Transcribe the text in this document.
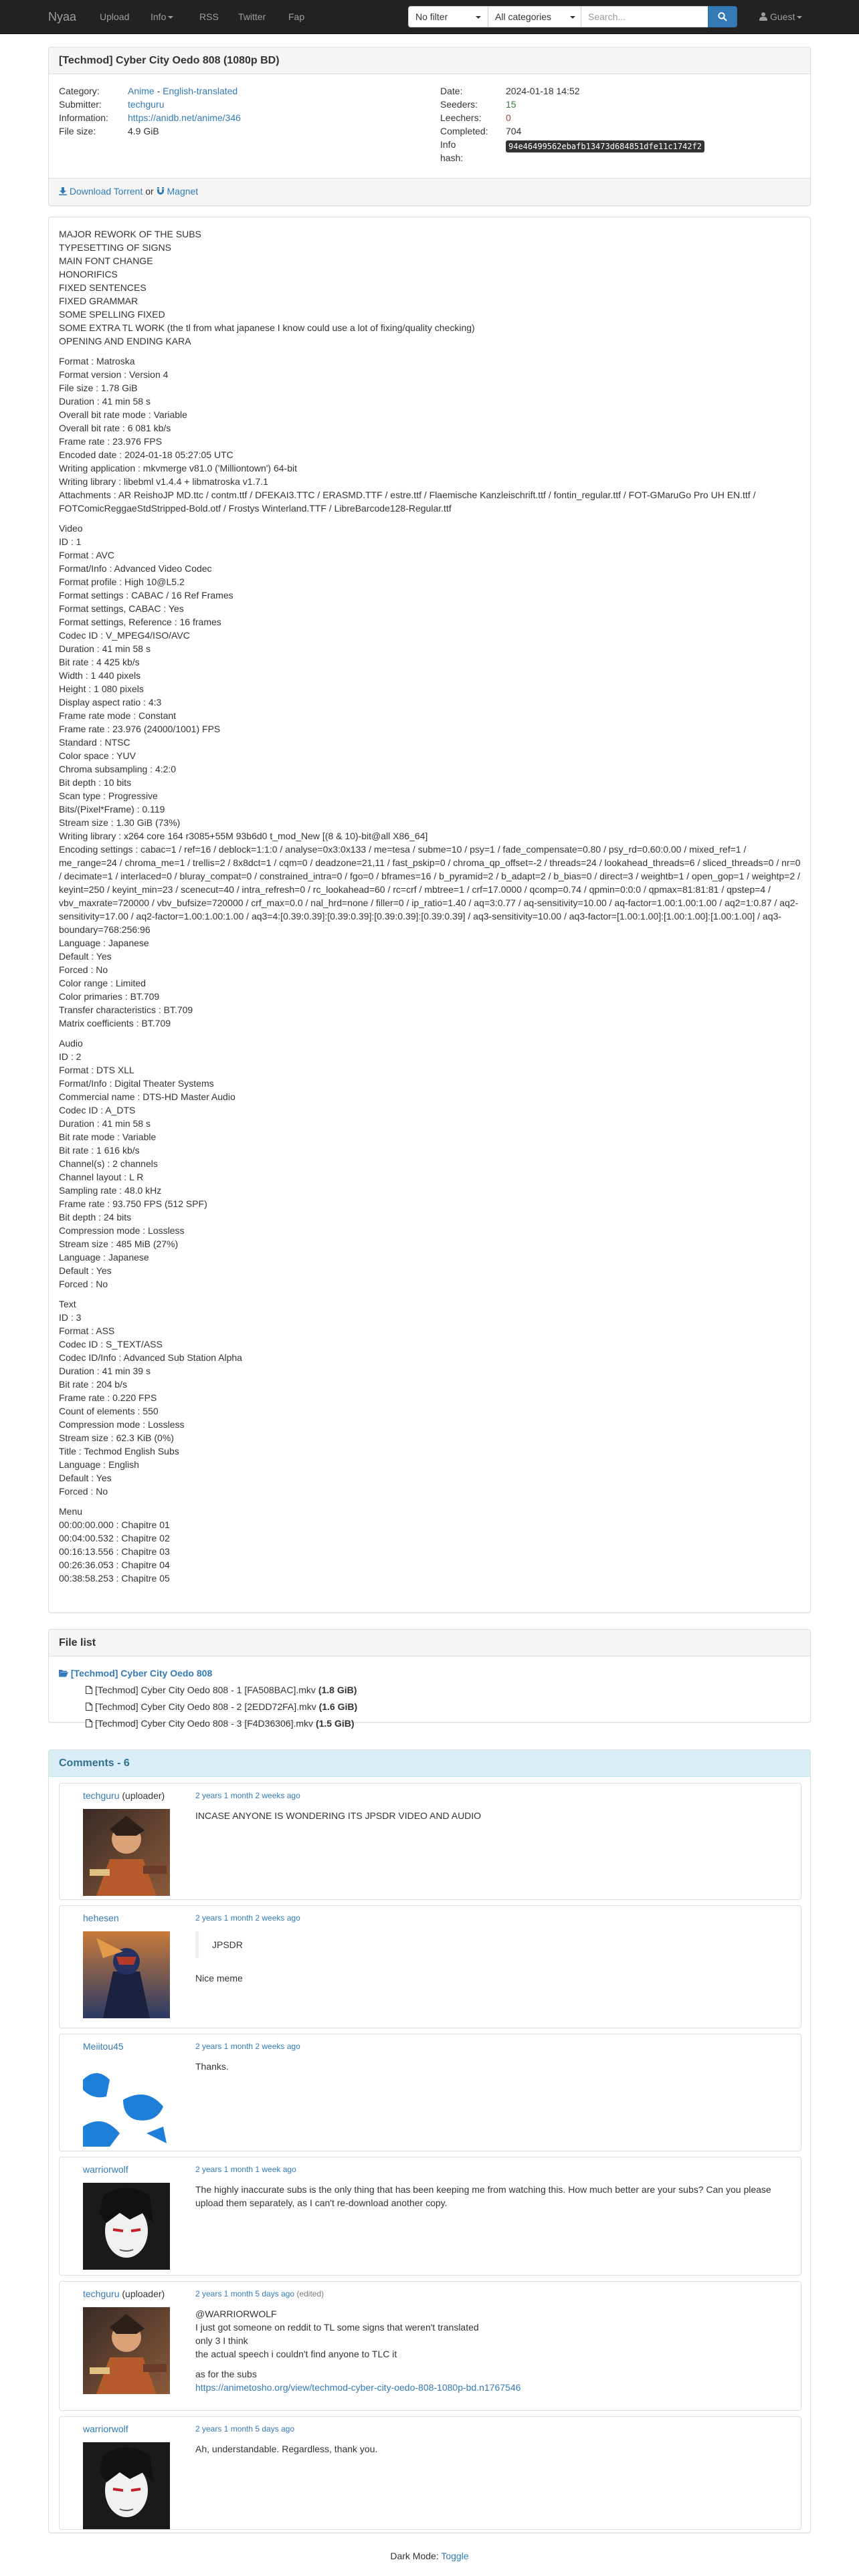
Nyaa Upload Info	RSS Twitter Fap	No filter	All categories	Search...	Guest
[Techmod] Cyber City Oedo 808 (1080p BD)
Category:	Anime - English-translated
Submitter:	techguru
Information: https://anidb.net/anime/346
File size:	4.9 GiB
Date:	2024-01-18 14:52
Seeders:	15
Leechers:	0
Completed: 704
Info
hash:
94e46499562ebafb13473d684851dfe11c1742f2
Download Torrent or  Magnet

MAJOR REWORK OF THE SUBS
TYPESETTING OF SIGNS
MAIN FONT CHANGE
HONORIFICS
FIXED SENTENCES
FIXED GRAMMAR
SOME SPELLING FIXED
SOME EXTRA TL WORK (the tl from what japanese I know could use a lot of fixing/quality checking)
OPENING AND ENDING KARA

Format : Matroska
Format version : Version 4
File size : 1.78 GiB
Duration : 41 min 58 s
Overall bit rate mode : Variable
Overall bit rate : 6 081 kb/s
Frame rate : 23.976 FPS
Encoded date : 2024-01-18 05:27:05 UTC
Writing application : mkvmerge v81.0 ('Milliontown') 64-bit
Writing library : libebml v1.4.4 + libmatroska v1.7.1
Attachments : AR ReishoJP MD.ttc / contm.ttf / DFEKAI3.TTC / ERASMD.TTF / estre.ttf / Flaemische Kanzleischrift.ttf / fontin_regular.ttf / FOT-GMaruGo Pro UH EN.ttf / FOTComicReggaeStdStripped-Bold.otf / Frostys Winterland.TTF / LibreBarcode128-Regular.ttf

Video
ID : 1
Format : AVC
Format/Info : Advanced Video Codec
Format profile : High 10@L5.2
Format settings : CABAC / 16 Ref Frames
Format settings, CABAC : Yes
Format settings, Reference : 16 frames
Codec ID : V_MPEG4/ISO/AVC
Duration : 41 min 58 s
Bit rate : 4 425 kb/s
Width : 1 440 pixels
Height : 1 080 pixels
Display aspect ratio : 4:3
Frame rate mode : Constant
Frame rate : 23.976 (24000/1001) FPS
Standard : NTSC
Color space : YUV
Chroma subsampling : 4:2:0
Bit depth : 10 bits
Scan type : Progressive
Bits/(Pixel*Frame) : 0.119
Stream size : 1.30 GiB (73%)
Writing library : x264 core 164 r3085+55M 93b6d0 t_mod_New [(8 & 10)-bit@all X86_64]
Encoding settings : cabac=1 / ref=16 / deblock=1:1:0 / analyse=0x3:0x133 / me=tesa / subme=10 / psy=1 / fade_compensate=0.80 / psy_rd=0.60:0.00 / mixed_ref=1 / me_range=24 / chroma_me=1 / trellis=2 / 8x8dct=1 / cqm=0 / deadzone=21,11 / fast_pskip=0 / chroma_qp_offset=-2 / threads=24 / lookahead_threads=6 / sliced_threads=0 / nr=0 / decimate=1 / interlaced=0 / bluray_compat=0 / constrained_intra=0 / fgo=0 / bframes=16 / b_pyramid=2 / b_adapt=2 / b_bias=0 / direct=3 / weightb=1 / open_gop=1 / weightp=2 / keyint=250 / keyint_min=23 / scenecut=40 / intra_refresh=0 / rc_lookahead=60 / rc=crf / mbtree=1 / crf=17.0000 / qcomp=0.74 / qpmin=0:0:0 / qpmax=81:81:81 / qpstep=4 / vbv_maxrate=720000 / vbv_bufsize=720000 / crf_max=0.0 / nal_hrd=none / filler=0 / ip_ratio=1.40 / aq=3:0.77 / aq-sensitivity=10.00 / aq-factor=1.00:1.00:1.00 / aq2=1:0.87 / aq2-sensitivity=17.00 / aq2-factor=1.00:1.00:1.00 / aq3=4:[0.39:0.39]:[0.39:0.39]:[0.39:0.39]:[0.39:0.39] / aq3-sensitivity=10.00 / aq3-factor=[1.00:1.00]:[1.00:1.00]:[1.00:1.00] / aq3-boundary=768:256:96
Language : Japanese
Default : Yes
Forced : No
Color range : Limited
Color primaries : BT.709
Transfer characteristics : BT.709
Matrix coefficients : BT.709

Audio
ID : 2
Format : DTS XLL
Format/Info : Digital Theater Systems
Commercial name : DTS-HD Master Audio
Codec ID : A_DTS
Duration : 41 min 58 s
Bit rate mode : Variable
Bit rate : 1 616 kb/s
Channel(s) : 2 channels
Channel layout : L R
Sampling rate : 48.0 kHz
Frame rate : 93.750 FPS (512 SPF)
Bit depth : 24 bits
Compression mode : Lossless
Stream size : 485 MiB (27%)
Language : Japanese
Default : Yes
Forced : No

Text
ID : 3
Format : ASS
Codec ID : S_TEXT/ASS
Codec ID/Info : Advanced Sub Station Alpha
Duration : 41 min 39 s
Bit rate : 204 b/s
Frame rate : 0.220 FPS
Count of elements : 550
Compression mode : Lossless
Stream size : 62.3 KiB (0%)
Title : Techmod English Subs
Language : English
Default : Yes
Forced : No

Menu
00:00:00.000 : Chapitre 01
00:04:00.532 : Chapitre 02
00:16:13.556 : Chapitre 03
00:26:36.053 : Chapitre 04
00:38:58.253 : Chapitre 05

File list
[Techmod] Cyber City Oedo 808
[Techmod] Cyber City Oedo 808 - 1 [FA508BAC].mkv (1.8 GiB)
[Techmod] Cyber City Oedo 808 - 2 [2EDD72FA].mkv (1.6 GiB)
[Techmod] Cyber City Oedo 808 - 3 [F4D36306].mkv (1.5 GiB)
Comments - 6
techguru (uploader)	2 years 1 month 2 weeks ago

INCASE ANYONE IS WONDERING ITS JPSDR VIDEO AND AUDIO

hehesen	2 years 1 month 2 weeks ago
JPSDR

Nice meme

Meiitou45	2 years 1 month 2 weeks ago

Thanks.

warriorwolf	2 years 1 month 1 week ago

The highly inaccurate subs is the only thing that has been keeping me from watching this. How much better are your subs? Can you please upload them separately, as I can't re-download another copy.

techguru (uploader)	2 years 1 month 5 days ago (edited)

@WARRIORWOLF
I just got someone on reddit to TL some signs that weren't translated
only 3 I think
the actual speech i couldn't find anyone to TLC it

as for the subs
https://animetosho.org/view/techmod-cyber-city-oedo-808-1080p-bd.n1767546

warriorwolf	2 years 1 month 5 days ago

Ah, understandable. Regardless, thank you.

Dark Mode: Toggle
